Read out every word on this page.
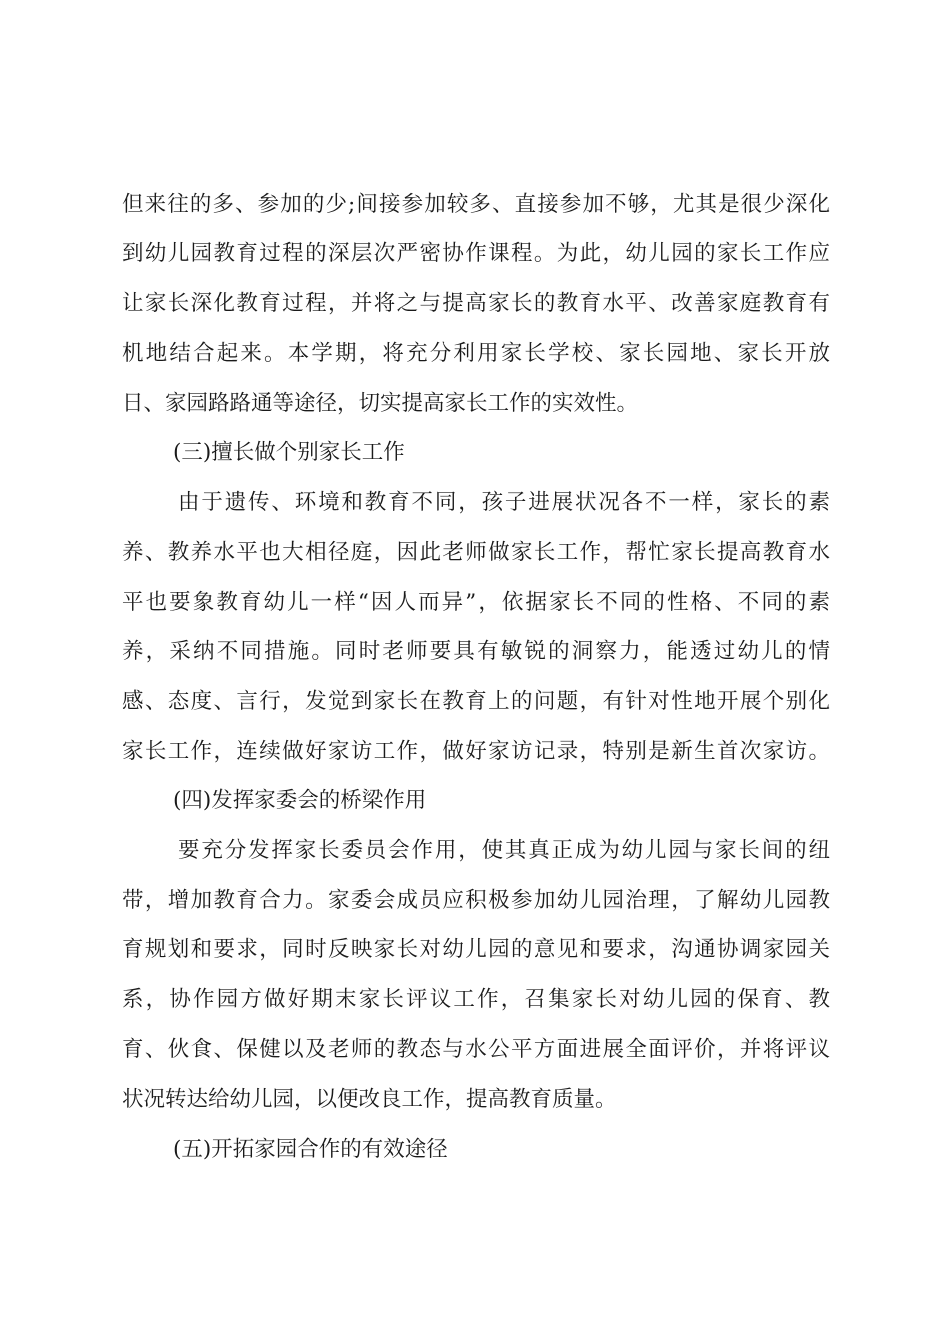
但来往的多、参加的少;间接参加较多、直接参加不够，尤其是很少深化
到幼儿园教育过程的深层次严密协作课程。为此，幼儿园的家长工作应
让家长深化教育过程，并将之与提高家长的教育水平、改善家庭教育有
机地结合起来。本学期，将充分利用家长学校、家长园地、家长开放
日、家园路路通等途径，切实提高家长工作的实效性。
(三)擅长做个别家长工作
由于遗传、环境和教育不同，孩子进展状况各不一样，家长的素
养、教养水平也大相径庭，因此老师做家长工作，帮忙家长提高教育水
平也要象教育幼儿一样“因人而异”，依据家长不同的性格、不同的素
养，采纳不同措施。同时老师要具有敏锐的洞察力，能透过幼儿的情
感、态度、言行，发觉到家长在教育上的问题，有针对性地开展个别化
家长工作，连续做好家访工作，做好家访记录，特别是新生首次家访。
(四)发挥家委会的桥梁作用
要充分发挥家长委员会作用，使其真正成为幼儿园与家长间的纽
带，增加教育合力。家委会成员应积极参加幼儿园治理，了解幼儿园教
育规划和要求，同时反映家长对幼儿园的意见和要求，沟通协调家园关
系，协作园方做好期末家长评议工作，召集家长对幼儿园的保育、教
育、伙食、保健以及老师的教态与水公平方面进展全面评价，并将评议
状况转达给幼儿园，以便改良工作，提高教育质量。
(五)开拓家园合作的有效途径
